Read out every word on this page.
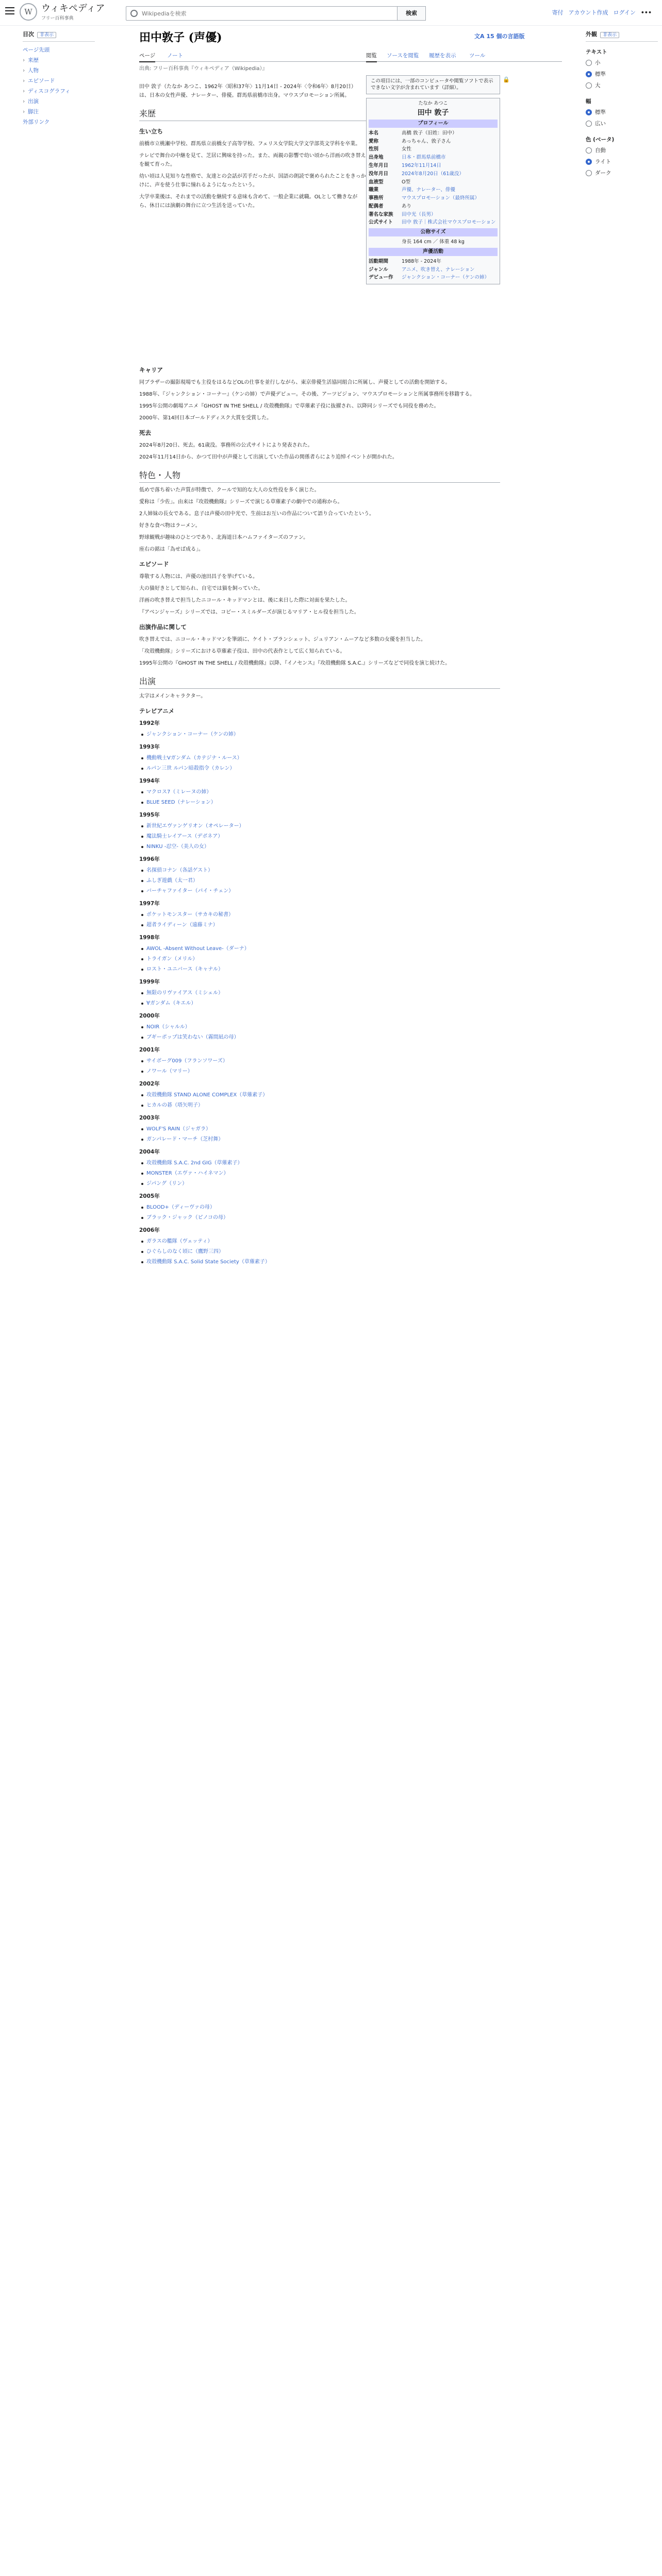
W ウィキペディア
フリー百科事典
Wikipediaを検索
検索	寄付 アカウント作成 ログイン •••
目次 非表示
ページ先頭
› 来歴
› 人物
› エピソード
› ディスコグラフィ
› 出演
› 脚注
外部リンク
田中敦子 (声優)	文A 15 個の言語版
ページ ノート	閲覧 ソースを閲覧 履歴を表示 ツール
出典: フリー百科事典『ウィキペディア（Wikipedia）』
この項目には、一部のコンピュータや閲覧ソフトで表示できない文字が含まれています（詳細）。
🔒
たなか あつこ
田中 敦子
プロフィール
本名	高橋 敦子（旧姓：田中）
愛称	あっちゃん、敦子さん
性別	女性
出身地	日本・群馬県前橋市
生年月日	1962年11月14日
没年月日	2024年8月20日（61歳没）
血液型	O型
職業	声優、ナレーター、俳優
事務所	マウスプロモーション（最終所属）
配偶者	あり
著名な家族	田中光（長男）
公式サイト	田中 敦子｜株式会社マウスプロモーション
公称サイズ
身長 164 cm ／ 体重 48 kg
声優活動
活動期間	1988年 - 2024年
ジャンル	アニメ、吹き替え、ナレーション
デビュー作	ジャンクション・コーナー（ケンの姉）

田中 敦子（たなか あつこ、1962年〈昭和37年〉11月14日 - 2024年〈令和6年〉8月20日）は、日本の女性声優、ナレーター、俳優。群馬県前橋市出身。マウスプロモーション所属。

来歴
生い立ち

前橋市立桃瀬中学校、群馬県立前橋女子高等学校、フェリス女学院大学文学部英文学科を卒業。

テレビで舞台の中継を見て、芝居に興味を持った。また、両親の影響で幼い頃から洋画の吹き替えを観て育った。

幼い頃は人見知りな性格で、友達との会話が苦手だったが、国語の朗読で褒められたことをきっかけに、声を使う仕事に憧れるようになったという。

大学卒業後は、それまでの活動を継続する意味も含めて、一般企業に就職。OLとして働きながら、休日には演劇の舞台に立つ生活を送っていた。

キャリア

同ブラザーの撮影現場でも主役をはるなどOLの仕事を並行しながら、東京俳優生活協同組合に所属し、声優としての活動を開始する。

1988年、『ジャンクション・コーナー』（ケンの姉）で声優デビュー。その後、アーツビジョン、マウスプロモーションと所属事務所を移籍する。

1995年公開の劇場アニメ『GHOST IN THE SHELL / 攻殻機動隊』で草薙素子役に抜擢され、以降同シリーズでも同役を務めた。

2000年、第14回日本ゴールドディスク大賞を受賞した。

死去

2024年8月20日、死去。61歳没。事務所の公式サイトにより発表された。

2024年11月14日から、かつて田中が声優として出演していた作品の関係者らにより追悼イベントが開かれた。

特色・人物

低めで落ち着いた声質が特徴で、クールで知的な大人の女性役を多く演じた。

愛称は「少佐」。由来は『攻殻機動隊』シリーズで演じる草薙素子の劇中での通称から。

2人姉妹の長女である。息子は声優の田中光で、生前はお互いの作品について語り合っていたという。

好きな食べ物はラーメン。

野球観戦が趣味のひとつであり、北海道日本ハムファイターズのファン。

座右の銘は「為せば成る」。

エピソード

尊敬する人物には、声優の池田昌子を挙げている。

大の猫好きとして知られ、自宅では猫を飼っていた。

洋画の吹き替えで担当したニコール・キッドマンとは、後に来日した際に対面を果たした。

『アベンジャーズ』シリーズでは、コビー・スミルダーズが演じるマリア・ヒル役を担当した。

出演作品に関して

吹き替えでは、ニコール・キッドマンを筆頭に、ケイト・ブランシェット、ジュリアン・ムーアなど多数の女優を担当した。

「攻殻機動隊」シリーズにおける草薙素子役は、田中の代表作として広く知られている。

1995年公開の『GHOST IN THE SHELL / 攻殻機動隊』以降、『イノセンス』『攻殻機動隊 S.A.C.』シリーズなどで同役を演じ続けた。

出演

太字はメインキャラクター。

テレビアニメ
1992年
ジャンクション・コーナー（ケンの姉）
1993年
機動戦士Vガンダム（カテジナ・ルース）
ルパン三世 ルパン暗殺指令（カレン）
1994年
マクロス7（ミレーヌの姉）
BLUE SEED（ナレーション）
1995年
新世紀エヴァンゲリオン（オペレーター）
魔法騎士レイアース（デボネア）
NINKU -忍空-（美人の女）
1996年
名探偵コナン（各話ゲスト）
ふしぎ遊戯（太一君）
バーチャファイター（パイ・チェン）
1997年
ポケットモンスター（サカキの秘書）
超者ライディーン（遠藤ミナ）
1998年
AWOL -Absent Without Leave-（ダーナ）
トライガン（メリル）
ロスト・ユニバース（キャナル）
1999年
無限のリヴァイアス（ミシェル）
∀ガンダム（キエル）
2000年
NOIR（シャルル）
ブギーポップは笑わない（霧間凪の母）
2001年
サイボーグ009（フランソワーズ）
ノワール（マリー）
2002年
攻殻機動隊 STAND ALONE COMPLEX（草薙素子）
ヒカルの碁（塔矢明子）
2003年
WOLF'S RAIN（ジャガラ）
ガンパレード・マーチ（芝村舞）
2004年
攻殻機動隊 S.A.C. 2nd GIG（草薙素子）
MONSTER（エヴァ・ハイネマン）
ジパング（リン）
2005年
BLOOD+（ディーヴァの母）
ブラック・ジャック（ピノコの母）
2006年
ガラスの艦隊（ヴェッティ）
ひぐらしのなく頃に（鷹野三四）
攻殻機動隊 S.A.C. Solid State Society（草薙素子）
外観 非表示
テキスト
小
標準
大
幅
標準
広い
色 (ベータ)
自動
ライト
ダーク
